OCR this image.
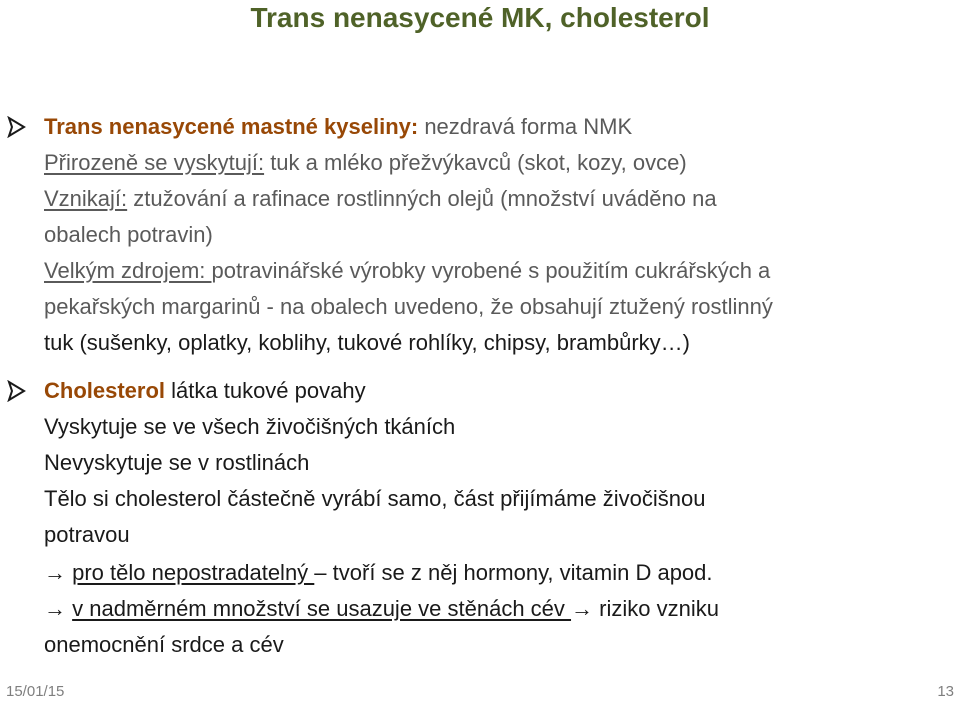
Trans nenasycené MK, cholesterol
Trans nenasycené mastné kyseliny: nezdravá forma NMK
Přirozeně se vyskytují: tuk a mléko přežvýkavců (skot, kozy, ovce)
Vznikají: ztužování a rafinace rostlinných olejů (množství uváděno na
obalech potravin)
Velkým zdrojem: potravinářské výrobky vyrobené s použitím cukrářských a
pekařských margarinů - na obalech uvedeno, že obsahují ztužený rostlinný
tuk (sušenky, oplatky, koblihy, tukové rohlíky, chipsy, brambůrky…)
Cholesterol látka tukové povahy
Vyskytuje se ve všech živočišných tkáních
Nevyskytuje se v rostlinách
Tělo si cholesterol částečně vyrábí samo, část přijímáme živočišnou
potravou
→ pro tělo nepostradatelný – tvoří se z něj hormony, vitamin D apod.
→ v nadměrném množství se usazuje ve stěnách cév → riziko vzniku
onemocnění srdce a cév
15/01/15	13
